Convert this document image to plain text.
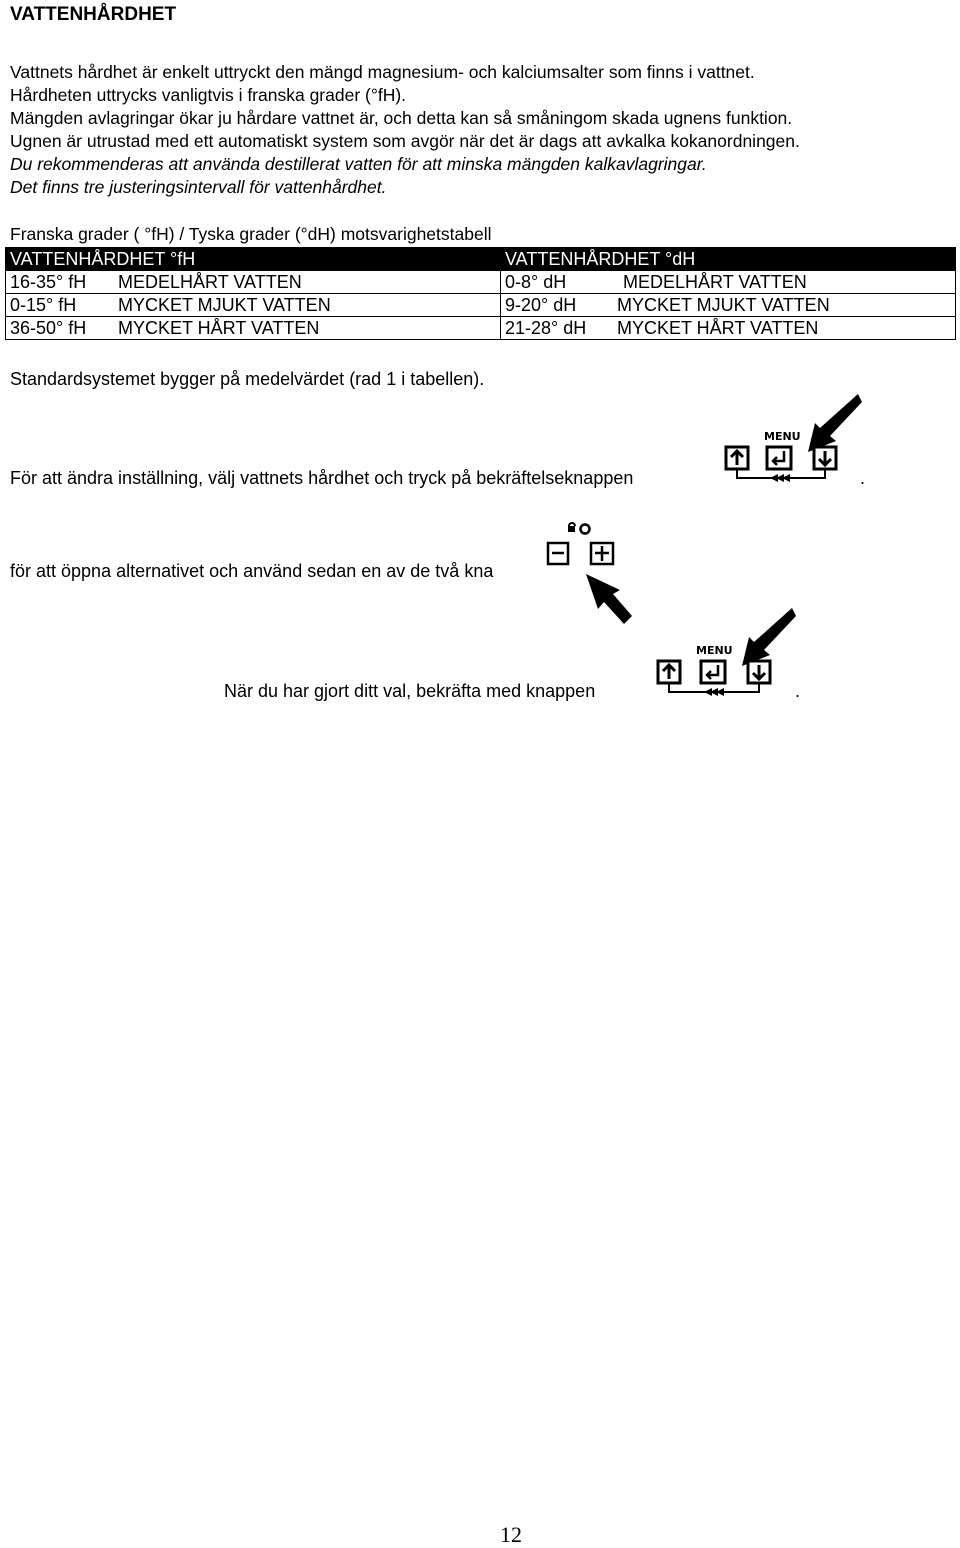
VATTENHÅRDHET
Vattnets hårdhet är enkelt uttryckt den mängd magnesium- och kalciumsalter som finns i vattnet.
Hårdheten uttrycks vanligtvis i franska grader (°fH).
Mängden avlagringar ökar ju hårdare vattnet är, och detta kan så småningom skada ugnens funktion.
Ugnen är utrustad med ett automatiskt system som avgör när det är dags att avkalka kokanordningen.
Du rekommenderas att använda destillerat vatten för att minska mängden kalkavlagringar.
Det finns tre justeringsintervall för vattenhårdhet.
Franska grader ( °fH) / Tyska grader (°dH) motsvarighetstabell
VATTENHÅRDHET °fH	VATTENHÅRDHET °dH
16-35° fH MEDELHÅRT VATTEN	0-8° dH MEDELHÅRT VATTEN
0-15° fH MYCKET MJUKT VATTEN	9-20° dH MYCKET MJUKT VATTEN
36-50° fH MYCKET HÅRT VATTEN	21-28° dH MYCKET HÅRT VATTEN
Standardsystemet bygger på medelvärdet (rad 1 i tabellen).
För att ändra inställning, välj vattnets hårdhet och tryck på bekräftelseknappen	.
MENU
för att öppna alternativet och använd sedan en av de två kna
När du har gjort ditt val, bekräfta med knappen	.
MENU
12
